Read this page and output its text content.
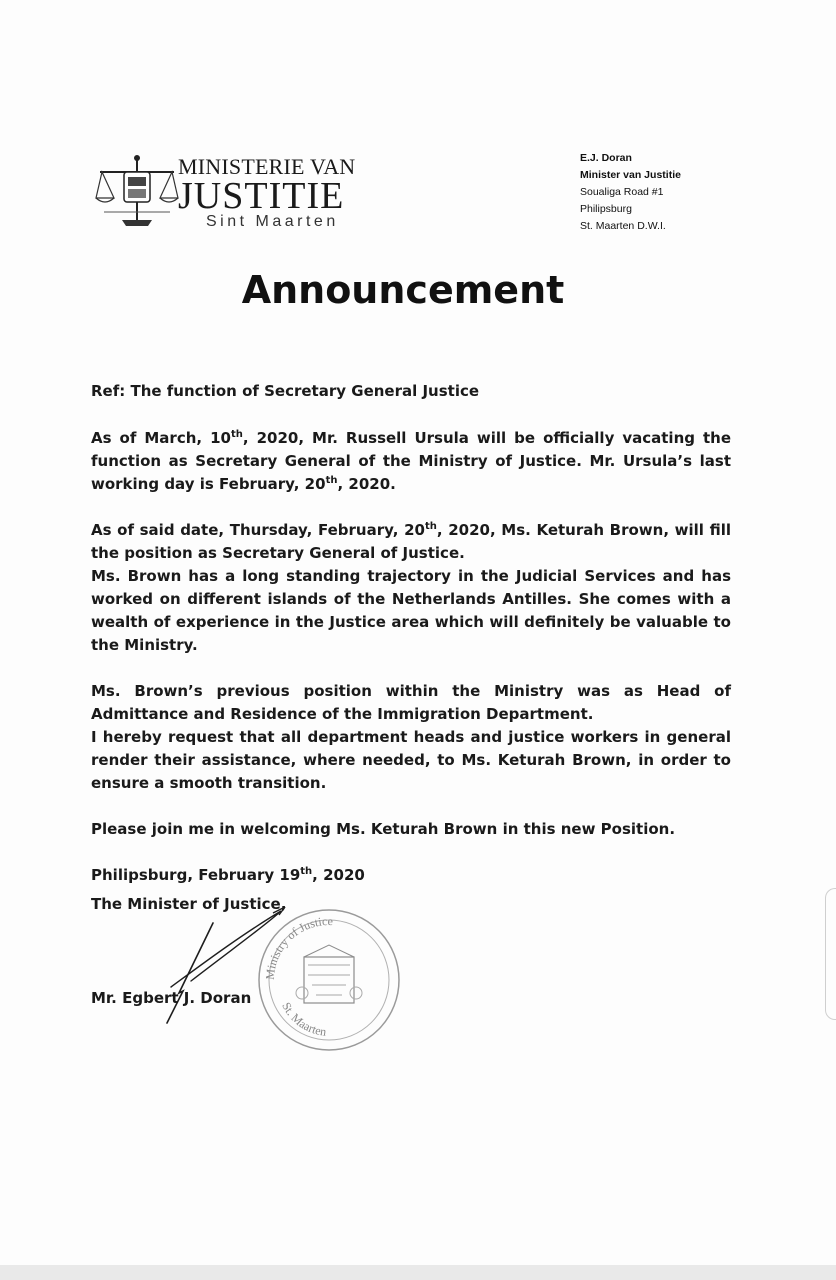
MINISTERIE VAN
JUSTITIE
Sint Maarten
E.J. Doran
Minister van Justitie
Soualiga Road #1
Philipsburg
St. Maarten D.W.I.
Announcement

Ref: The function of Secretary General Justice

As of March, 10th, 2020, Mr. Russell Ursula will be officially vacating the function as Secretary General of the Ministry of Justice. Mr. Ursula’s last working day is February, 20th, 2020.

As of said date, Thursday, February, 20th, 2020, Ms. Keturah Brown, will fill the position as Secretary General of Justice.

Ms. Brown has a long standing trajectory in the Judicial Services and has worked on different islands of the Netherlands Antilles. She comes with a wealth of experience in the Justice area which will definitely be valuable to the Ministry.

Ms. Brown’s previous position within the Ministry was as Head of Admittance and Residence of the Immigration Department.

I hereby request that all department heads and justice workers in general render their assistance, where needed, to Ms. Keturah Brown, in order to ensure a smooth transition.

Please join me in welcoming Ms. Keturah Brown in this new Position.

Philipsburg, February 19th, 2020

The Minister of Justice,
Mr. Egbert J. Doran
Ministry of Justice
St. Maarten
